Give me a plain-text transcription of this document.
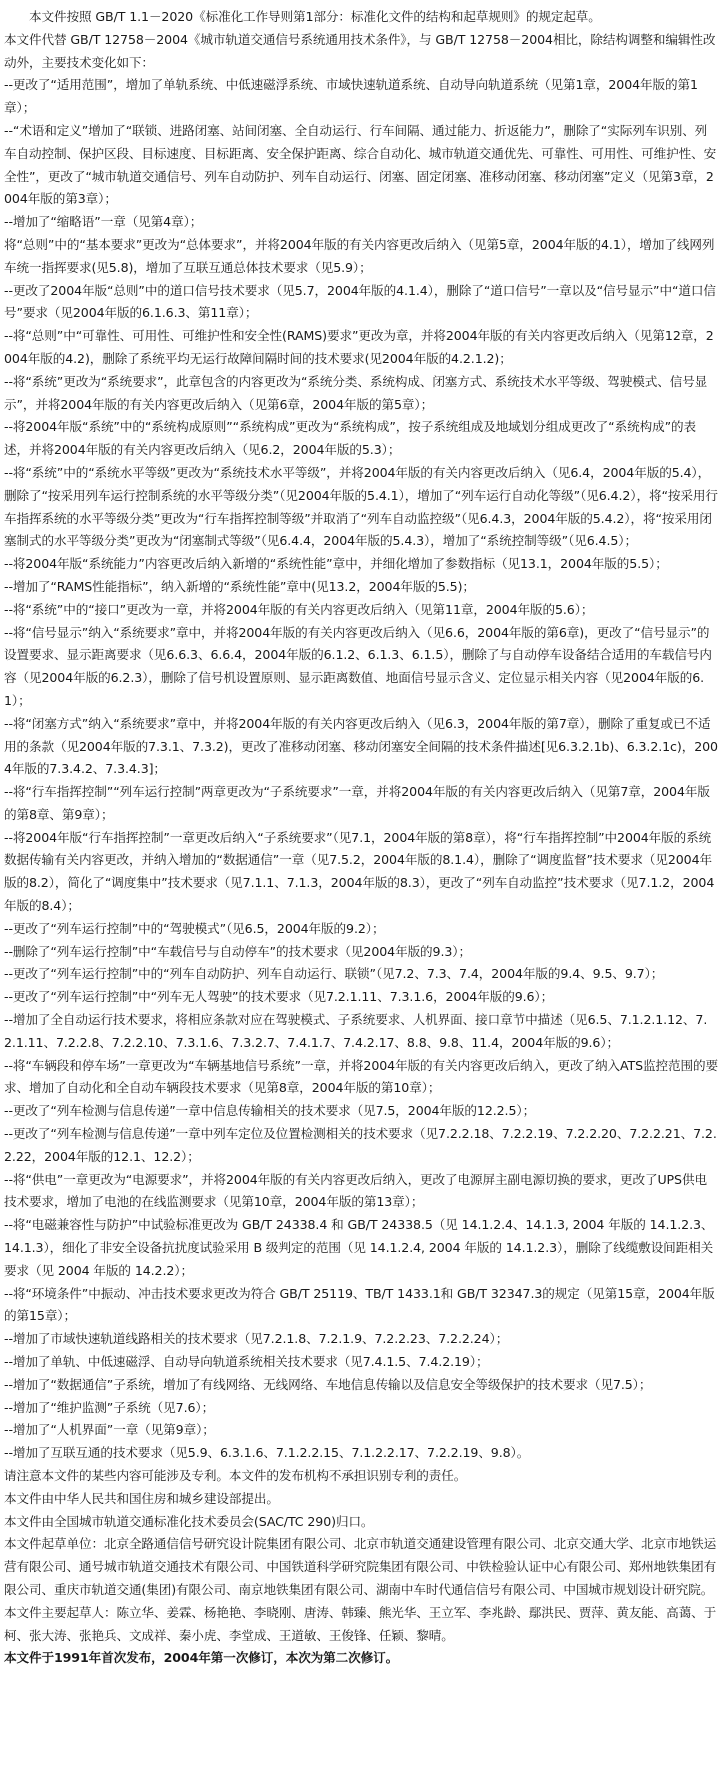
本文件按照 GB/T 1.1－2020《标准化工作导则第1部分：标准化文件的结构和起草规则》的规定起草。

本文件代替 GB/T 12758－2004《城市轨道交通信号系统通用技术条件》，与 GB/T 12758－2004相比，除结构调整和编辑性改动外，主要技术变化如下：

--更改了“适用范围”，增加了单轨系统、中低速磁浮系统、市域快速轨道系统、自动导向轨道系统（见第1章，2004年版的第1章）；

--“术语和定义”增加了“联锁、进路闭塞、站间闭塞、全自动运行、行车间隔、通过能力、折返能力”，删除了“实际列车识别、列车自动控制、保护区段、目标速度、目标距离、安全保护距离、综合自动化、城市轨道交通优先、可靠性、可用性、可维护性、安全性”，更改了“城市轨道交通信号、列车自动防护、列车自动运行、闭塞、固定闭塞、准移动闭塞、移动闭塞”定义（见第3章，2004年版的第3章）；

--增加了“缩略语”一章（见第4章）；

将“总则”中的“基本要求”更改为“总体要求”，并将2004年版的有关内容更改后纳入（见第5章，2004年版的4.1），增加了线网列车统一指挥要求(见5.8)，增加了互联互通总体技术要求（见5.9）；

--更改了2004年版“总则”中的道口信号技术要求（见5.7，2004年版的4.1.4），删除了“道口信号”一章以及“信号显示”中“道口信号”要求（见2004年版的6.1.6.3、第11章）；

--将“总则”中“可靠性、可用性、可维护性和安全性(RAMS)要求”更改为章，并将2004年版的有关内容更改后纳入（见第12章，2004年版的4.2)，删除了系统平均无运行故障间隔时间的技术要求(见2004年版的4.2.1.2)；

--将“系统”更改为“系统要求”，此章包含的内容更改为“系统分类、系统构成、闭塞方式、系统技术水平等级、驾驶模式、信号显示”，并将2004年版的有关内容更改后纳入（见第6章，2004年版的第5章）；

--将2004年版“系统”中的“系统构成原则”“系统构成”更改为“系统构成”，按子系统组成及地域划分组成更改了“系统构成”的表述，并将2004年版的有关内容更改后纳入（见6.2，2004年版的5.3）；

--将“系统”中的“系统水平等级”更改为“系统技术水平等级”，并将2004年版的有关内容更改后纳入（见6.4，2004年版的5.4），删除了“按采用列车运行控制系统的水平等级分类”（见2004年版的5.4.1），增加了“列车运行自动化等级”（见6.4.2），将“按采用行车指挥系统的水平等级分类”更改为“行车指挥控制等级”并取消了“列车自动监控级”（见6.4.3，2004年版的5.4.2），将“按采用闭塞制式的水平等级分类”更改为“闭塞制式等级”（见6.4.4，2004年版的5.4.3），增加了“系统控制等级”（见6.4.5）；

--将2004年版“系统能力”内容更改后纳入新增的“系统性能”章中，并细化增加了参数指标（见13.1，2004年版的5.5）；

--增加了“RAMS性能指标”，纳入新增的“系统性能”章中(见13.2，2004年版的5.5)；

--将“系统”中的“接口”更改为一章，并将2004年版的有关内容更改后纳入（见第11章，2004年版的5.6）；

--将“信号显示”纳入“系统要求”章中，并将2004年版的有关内容更改后纳入（见6.6，2004年版的第6章)，更改了“信号显示”的设置要求、显示距离要求（见6.6.3、6.6.4，2004年版的6.1.2、6.1.3、6.1.5），删除了与自动停车设备结合适用的车载信号内容（见2004年版的6.2.3），删除了信号机设置原则、显示距离数值、地面信号显示含义、定位显示相关内容（见2004年版的6.1）；

--将“闭塞方式”纳入“系统要求”章中，并将2004年版的有关内容更改后纳入（见6.3，2004年版的第7章），删除了重复或已不适用的条款（见2004年版的7.3.1、7.3.2)，更改了准移动闭塞、移动闭塞安全间隔的技术条件描述[见6.3.2.1b)、6.3.2.1c)，2004年版的7.3.4.2、7.3.4.3]；

--将“行车指挥控制”“列车运行控制”两章更改为“子系统要求”一章，并将2004年版的有关内容更改后纳入（见第7章，2004年版的第8章、第9章）；

--将2004年版“行车指挥控制”一章更改后纳入“子系统要求”（见7.1，2004年版的第8章），将“行车指挥控制”中2004年版的系统数据传输有关内容更改，并纳入增加的“数据通信”一章（见7.5.2，2004年版的8.1.4），删除了“调度监督”技术要求（见2004年版的8.2），简化了“调度集中”技术要求（见7.1.1、7.1.3，2004年版的8.3），更改了“列车自动监控”技术要求（见7.1.2，2004年版的8.4）；

--更改了“列车运行控制”中的“驾驶模式”（见6.5，2004年版的9.2）；

--删除了“列车运行控制”中“车载信号与自动停车”的技术要求（见2004年版的9.3）；

--更改了“列车运行控制”中的“列车自动防护、列车自动运行、联锁”（见7.2、7.3、7.4，2004年版的9.4、9.5、9.7）；

--更改了“列车运行控制”中“列车无人驾驶”的技术要求（见7.2.1.11、7.3.1.6，2004年版的9.6）；

--增加了全自动运行技术要求，将相应条款对应在驾驶模式、子系统要求、人机界面、接口章节中描述（见6.5、7.1.2.1.12、7.2.1.11、7.2.2.8、7.2.2.10、7.3.1.6、7.3.2.7、7.4.1.7、7.4.2.17、8.8、9.8、11.4，2004年版的9.6）；

--将“车辆段和停车场”一章更改为“车辆基地信号系统”一章，并将2004年版的有关内容更改后纳入，更改了纳入ATS监控范围的要求、增加了自动化和全自动车辆段技术要求（见第8章，2004年版的第10章）；

--更改了“列车检测与信息传递”一章中信息传输相关的技术要求（见7.5，2004年版的12.2.5）；

--更改了“列车检测与信息传递”一章中列车定位及位置检测相关的技术要求（见7.2.2.18、7.2.2.19、7.2.2.20、7.2.2.21、7.2.2.22，2004年版的12.1、12.2）；

--将“供电”一章更改为“电源要求”，并将2004年版的有关内容更改后纳入，更改了电源屏主副电源切换的要求，更改了UPS供电技术要求，增加了电池的在线监测要求（见第10章，2004年版的第13章）；

--将“电磁兼容性与防护”中试验标准更改为 GB/T 24338.4 和 GB/T 24338.5（见 14.1.2.4、14.1.3, 2004 年版的 14.1.2.3、14.1.3），细化了非安全设备抗扰度试验采用 B 级判定的范围（见 14.1.2.4, 2004 年版的 14.1.2.3），删除了线缆敷设间距相关要求（见 2004 年版的 14.2.2）；

--将“环境条件”中振动、冲击技术要求更改为符合 GB/T 25119、TB/T 1433.1和 GB/T 32347.3的规定（见第15章，2004年版的第15章）；

--增加了市域快速轨道线路相关的技术要求（见7.2.1.8、7.2.1.9、7.2.2.23、7.2.2.24）；

--增加了单轨、中低速磁浮、自动导向轨道系统相关技术要求（见7.4.1.5、7.4.2.19）；

--增加了“数据通信”子系统，增加了有线网络、无线网络、车地信息传输以及信息安全等级保护的技术要求（见7.5）；

--增加了“维护监测”子系统（见7.6）；

--增加了“人机界面”一章（见第9章）；

--增加了互联互通的技术要求（见5.9、6.3.1.6、7.1.2.2.15、7.1.2.2.17、7.2.2.19、9.8）。

请注意本文件的某些内容可能涉及专利。本文件的发布机构不承担识别专利的责任。

本文件由中华人民共和国住房和城乡建设部提出。

本文件由全国城市轨道交通标准化技术委员会(SAC/TC 290)归口。

本文件起草单位：北京全路通信信号研究设计院集团有限公司、北京市轨道交通建设管理有限公司、北京交通大学、北京市地铁运营有限公司、通号城市轨道交通技术有限公司、中国铁道科学研究院集团有限公司、中铁检验认证中心有限公司、郑州地铁集团有限公司、重庆市轨道交通(集团)有限公司、南京地铁集团有限公司、湖南中车时代通信信号有限公司、中国城市规划设计研究院。

本文件主要起草人：陈立华、姜霖、杨艳艳、李晓刚、唐涛、韩臻、熊光华、王立军、李兆龄、鄢洪民、贾萍、黄友能、高蔼、于柯、张大涛、张艳兵、文成祥、秦小虎、李堂成、王道敏、王俊锋、任颖、黎晴。

本文件于1991年首次发布，2004年第一次修订，本次为第二次修订。
